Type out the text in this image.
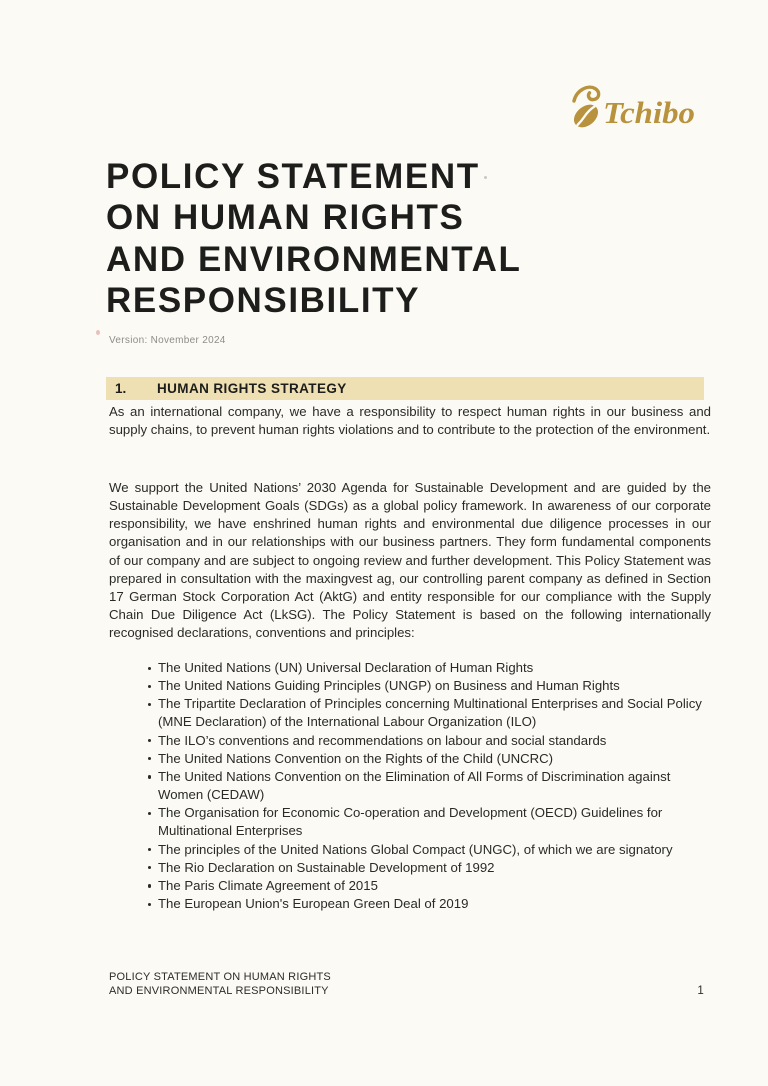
Tchibo
POLICY STATEMENT
ON HUMAN RIGHTS
AND ENVIRONMENTAL
RESPONSIBILITY
Version: November 2024
1.	HUMAN RIGHTS STRATEGY

As an international company, we have a responsibility to respect human rights in our business and supply chains, to prevent human rights violations and to contribute to the protection of the environment.

We support the United Nations’ 2030 Agenda for Sustainable Development and are guided by the Sustainable Development Goals (SDGs) as a global policy framework. In awareness of our corporate responsibility, we have enshrined human rights and environmental due diligence processes in our organisation and in our relationships with our business partners. They form fundamental components of our company and are subject to ongoing review and further development. This Policy Statement was prepared in consultation with the maxingvest ag, our controlling parent company as defined in Section 17 German Stock Corporation Act (AktG) and entity responsible for our compliance with the Supply Chain Due Diligence Act (LkSG). The Policy Statement is based on the following internationally recognised declarations, conventions and principles:

The United Nations (UN) Universal Declaration of Human Rights
The United Nations Guiding Principles (UNGP) on Business and Human Rights
The Tripartite Declaration of Principles concerning Multinational Enterprises and Social Policy (MNE Declaration) of the International Labour Organization (ILO)
The ILO’s conventions and recommendations on labour and social standards
The United Nations Convention on the Rights of the Child (UNCRC)
The United Nations Convention on the Elimination of All Forms of Discrimination against Women (CEDAW)
The Organisation for Economic Co-operation and Development (OECD) Guidelines for Multinational Enterprises
The principles of the United Nations Global Compact (UNGC), of which we are signatory
The Rio Declaration on Sustainable Development of 1992
The Paris Climate Agreement of 2015
The European Union's European Green Deal of 2019
POLICY STATEMENT ON HUMAN RIGHTS
AND ENVIRONMENTAL RESPONSIBILITY	1
